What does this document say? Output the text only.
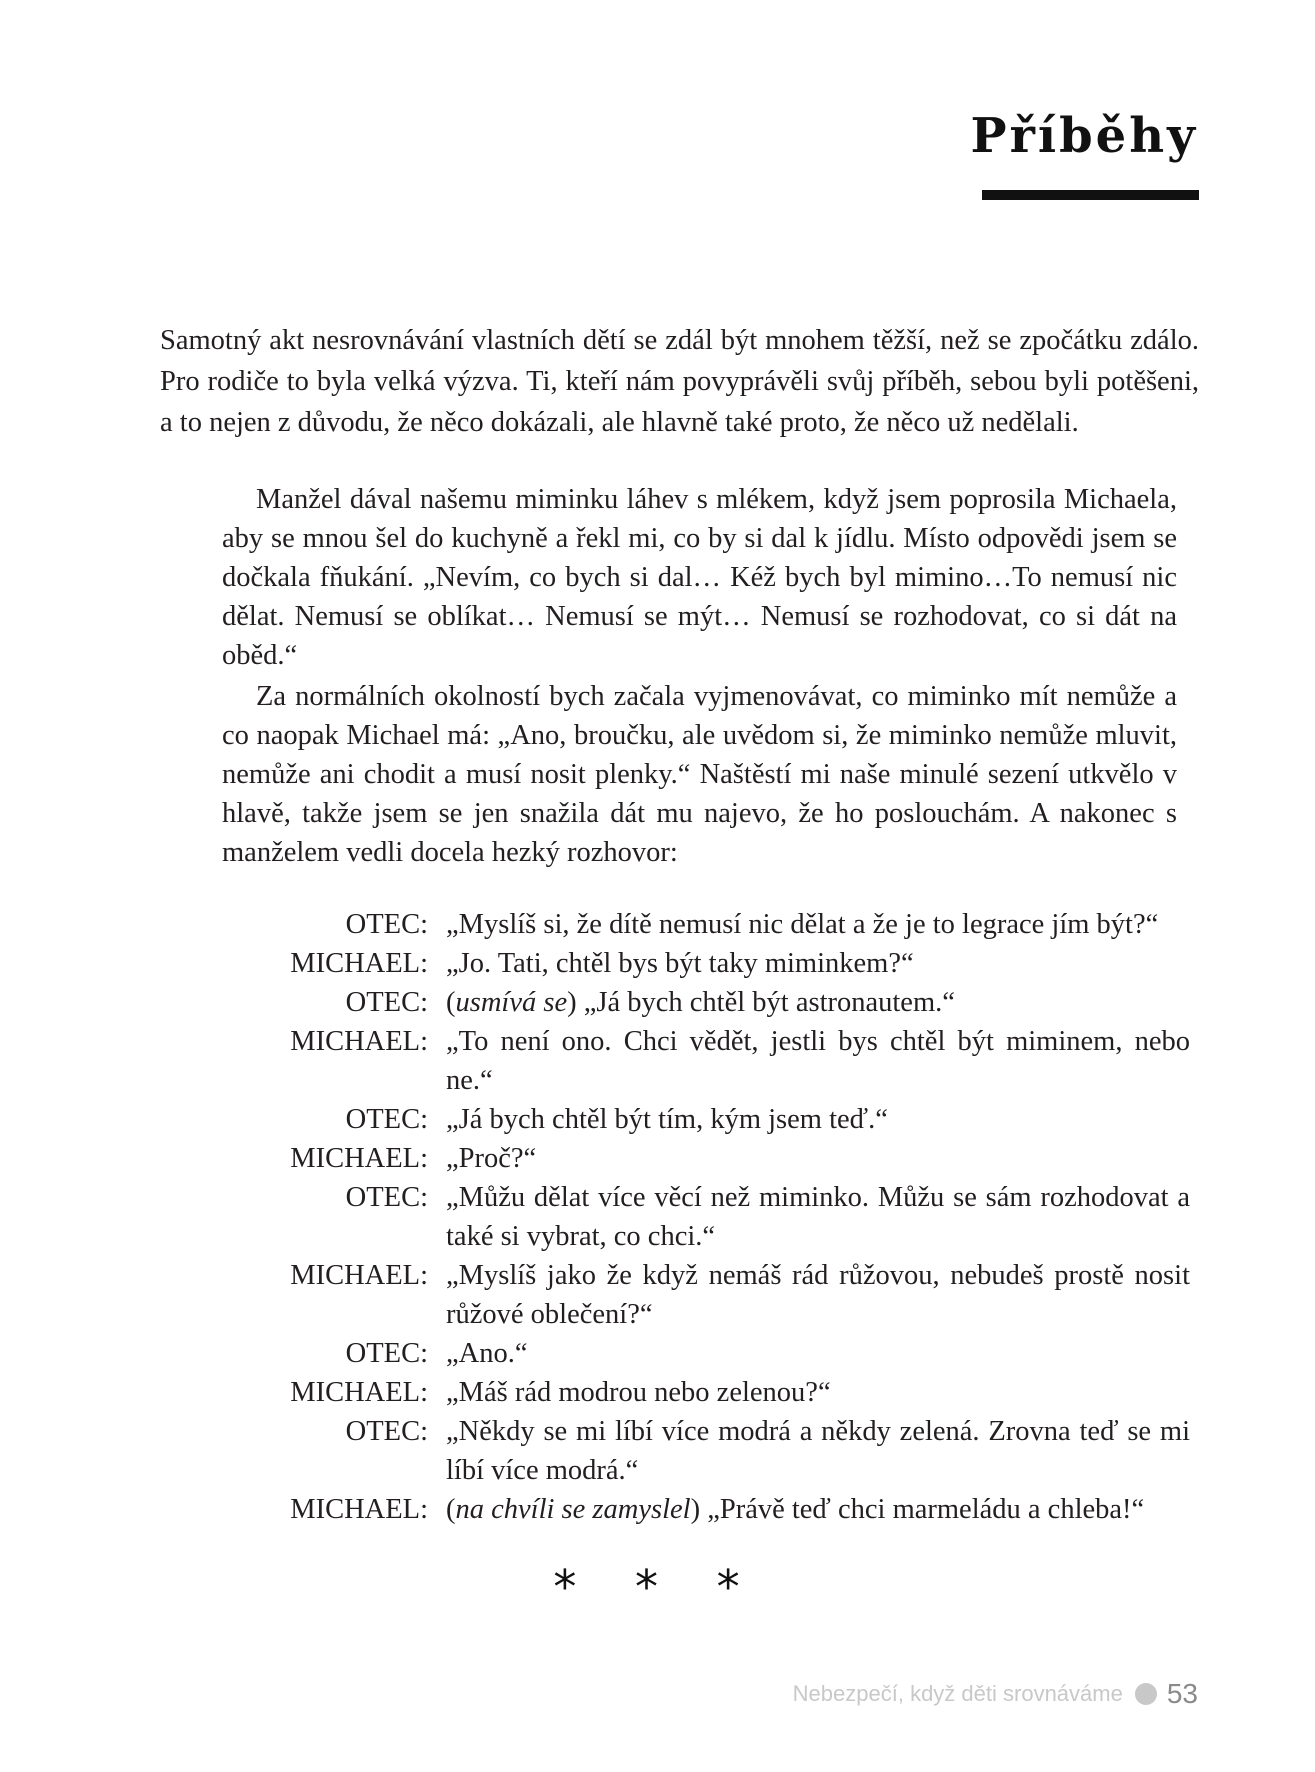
Příběhy

Samotný akt nesrovnávání vlastních dětí se zdál být mnohem těžší, než se zpočátku zdálo. Pro rodiče to byla velká výzva. Ti, kteří nám povyprávěli svůj příběh, sebou byli potěšeni, a to nejen z důvodu, že něco dokázali, ale hlavně také proto, že něco už nedělali.

Manžel dával našemu miminku láhev s mlékem, když jsem poprosila Michaela, aby se mnou šel do kuchyně a řekl mi, co by si dal k jídlu. Místo odpovědi jsem se dočkala fňukání. „Nevím, co bych si dal… Kéž bych byl mimino…To nemusí nic dělat. Nemusí se oblíkat… Nemusí se mýt… Nemusí se rozhodovat, co si dát na oběd.“

Za normálních okolností bych začala vyjmenovávat, co miminko mít nemůže a co naopak Michael má: „Ano, broučku, ale uvědom si, že miminko nemůže mluvit, nemůže ani chodit a musí nosit plenky.“ Naštěstí mi naše minulé sezení utkvělo v hlavě, takže jsem se jen snažila dát mu najevo, že ho poslouchám. A nakonec s manželem vedli docela hezký rozhovor:

OTEC: „Myslíš si, že dítě nemusí nic dělat a že je to legrace jím být?“
MICHAEL: „Jo. Tati, chtěl bys být taky miminkem?“
OTEC: (usmívá se) „Já bych chtěl být astronautem.“
MICHAEL: „To není ono. Chci vědět, jestli bys chtěl být miminem, nebo ne.“
OTEC: „Já bych chtěl být tím, kým jsem teď.“
MICHAEL: „Proč?“
OTEC: „Můžu dělat více věcí než miminko. Můžu se sám rozhodovat a také si vybrat, co chci.“
MICHAEL: „Myslíš jako že když nemáš rád růžovou, nebudeš prostě nosit růžové oblečení?“
OTEC: „Ano.“
MICHAEL: „Máš rád modrou nebo zelenou?“
OTEC: „Někdy se mi líbí více modrá a někdy zelená. Zrovna teď se mi líbí více modrá.“
MICHAEL: (na chvíli se zamyslel) „Právě teď chci marmeládu a chleba!“
* * *
Nebezpečí, když děti srovnáváme 53
